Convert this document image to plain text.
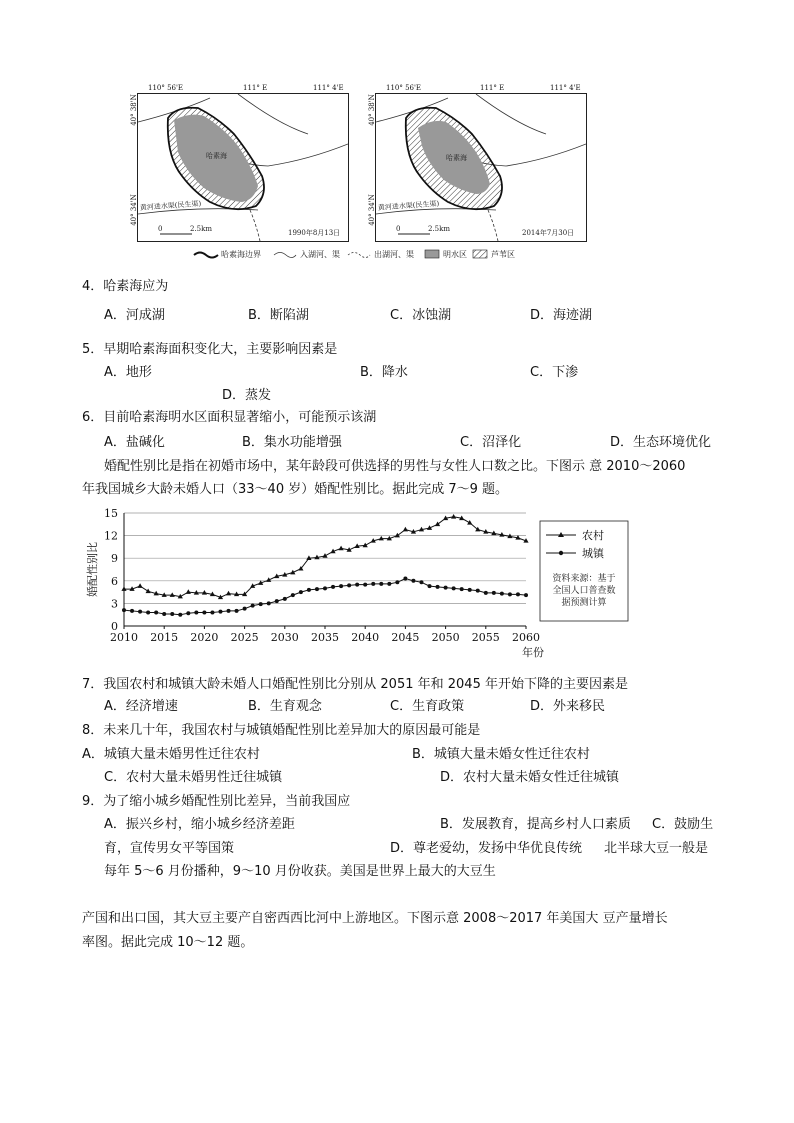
哈素海
黄河进水渠(民生渠)
0	2.5km	1990年8月13日
110° 56'E	111° E	111° 4'E
40° 38'N
40° 34'N
哈素海
黄河进水渠(民生渠)
0	2.5km	2014年7月30日
110° 56'E	111° E	111° 4'E
40° 38'N
40° 34'N
哈素海边界	入湖河、渠	出湖河、渠	明水区	芦苇区
4．哈素海应为
A．河成湖	B．断陷湖	C．冰蚀湖	D．海迹湖
5．早期哈素海面积变化大，主要影响因素是
A．地形	B．降水	C．下渗
D．蒸发
6．目前哈素海明水区面积显著缩小，可能预示该湖
A．盐碱化	B．集水功能增强	C．沼泽化	D．生态环境优化
婚配性别比是指在初婚市场中，某年龄段可供选择的男性与女性人口数之比。下图示 意 2010～2060
年我国城乡大龄未婚人口（33～40 岁）婚配性别比。据此完成 7～9 题。
0
3
6
9
12
15
2010 2015 2020 2025 2030 2035 2040 2045 2050 2055 2060
婚配性别比
年份
农村
城镇
资料来源：基于
全国人口普查数
据预测计算
7．我国农村和城镇大龄未婚人口婚配性别比分别从 2051 年和 2045 年开始下降的主要因素是
A．经济增速	B．生育观念	C．生育政策	D．外来移民
8．未来几十年，我国农村与城镇婚配性别比差异加大的原因最可能是
A．城镇大量未婚男性迁往农村	B．城镇大量未婚女性迁往农村
C．农村大量未婚男性迁往城镇	D．农村大量未婚女性迁往城镇
9．为了缩小城乡婚配性别比差异，当前我国应
A．振兴乡村，缩小城乡经济差距	B．发展教育，提高乡村人口素质 C．鼓励生
育，宣传男女平等国策	D．尊老爱幼，发扬中华优良传统 北半球大豆一般是
每年 5～6 月份播种，9～10 月份收获。美国是世界上最大的大豆生
产国和出口国，其大豆主要产自密西西比河中上游地区。下图示意 2008～2017 年美国大 豆产量增长
率图。据此完成 10～12 题。
